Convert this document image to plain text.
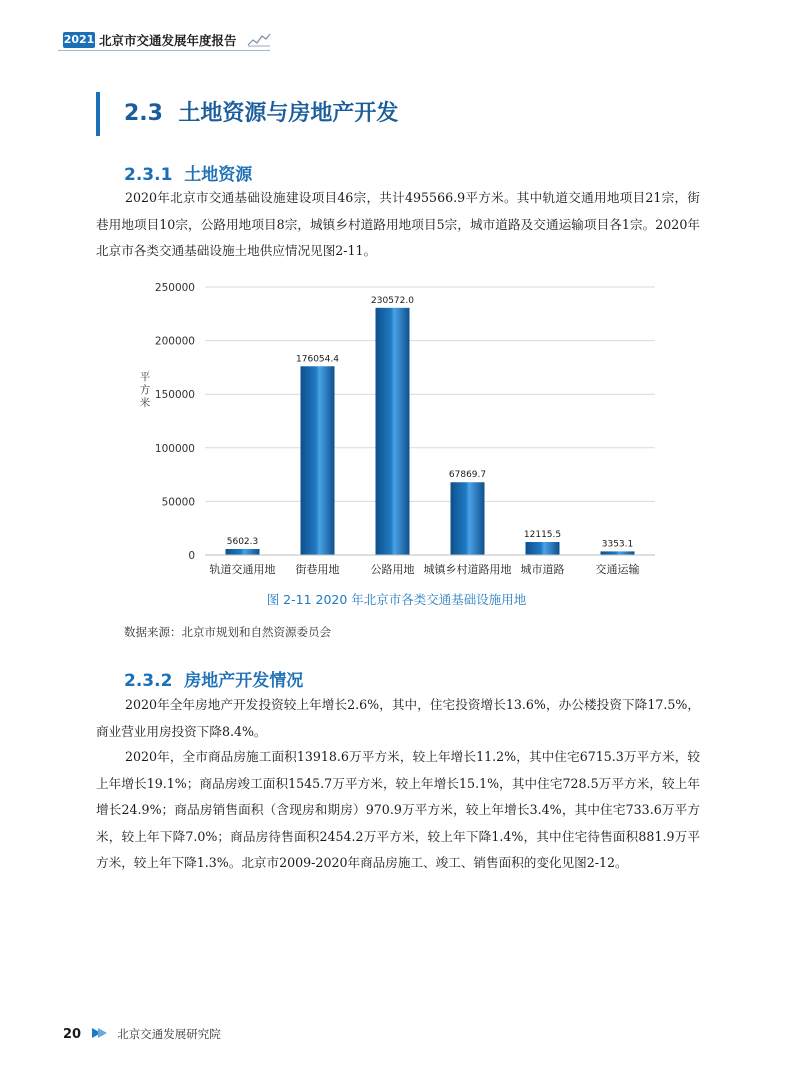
2021 北京市交通发展年度报告
2.3 土地资源与房地产开发
2.3.1 土地资源

2020年北京市交通基础设施建设项目46宗，共计495566.9平方米。其中轨道交通用地项目21宗，街巷用地项目10宗，公路用地项目8宗，城镇乡村道路用地项目5宗，城市道路及交通运输项目各1宗。2020年北京市各类交通基础设施土地供应情况见图2-11。

0
50000
100000
150000
200000
250000
平
方
米
5602.3
轨道交通用地
176054.4
街巷用地
230572.0
公路用地
67869.7
城镇乡村道路用地
12115.5
城市道路
3353.1
交通运输
图 2-11 2020 年北京市各类交通基础设施用地
数据来源：北京市规划和自然资源委员会
2.3.2 房地产开发情况

2020年全年房地产开发投资较上年增长2.6%，其中，住宅投资增长13.6%，办公楼投资下降17.5%，商业营业用房投资下降8.4%。

2020年，全市商品房施工面积13918.6万平方米，较上年增长11.2%，其中住宅6715.3万平方米，较上年增长19.1%；商品房竣工面积1545.7万平方米，较上年增长15.1%，其中住宅728.5万平方米，较上年增长24.9%；商品房销售面积（含现房和期房）970.9万平方米，较上年增长3.4%，其中住宅733.6万平方米，较上年下降7.0%；商品房待售面积2454.2万平方米，较上年下降1.4%，其中住宅待售面积881.9万平方米，较上年下降1.3%。北京市2009-2020年商品房施工、竣工、销售面积的变化见图2-12。

20	北京交通发展研究院
